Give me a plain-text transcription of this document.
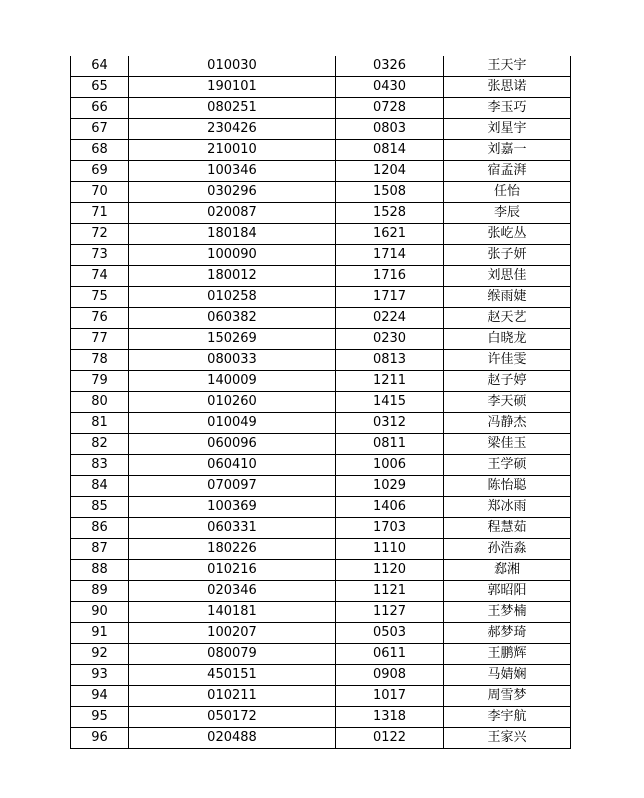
64	010030	0326	王天宇
65	190101	0430	张思诺
66	080251	0728	李玉巧
67	230426	0803	刘星宇
68	210010	0814	刘嘉一
69	100346	1204	宿孟湃
70	030296	1508	任怡
71	020087	1528	李辰
72	180184	1621	张屹丛
73	100090	1714	张子妍
74	180012	1716	刘思佳
75	010258	1717	缑雨婕
76	060382	0224	赵天艺
77	150269	0230	白晓龙
78	080033	0813	许佳雯
79	140009	1211	赵子婷
80	010260	1415	李天硕
81	010049	0312	冯静杰
82	060096	0811	梁佳玉
83	060410	1006	王学硕
84	070097	1029	陈怡聪
85	100369	1406	郑冰雨
86	060331	1703	程慧茹
87	180226	1110	孙浩淼
88	010216	1120	郄湘
89	020346	1121	郭昭阳
90	140181	1127	王梦楠
91	100207	0503	郝梦琦
92	080079	0611	王鹏辉
93	450151	0908	马婧娴
94	010211	1017	周雪梦
95	050172	1318	李宇航
96	020488	0122	王家兴
